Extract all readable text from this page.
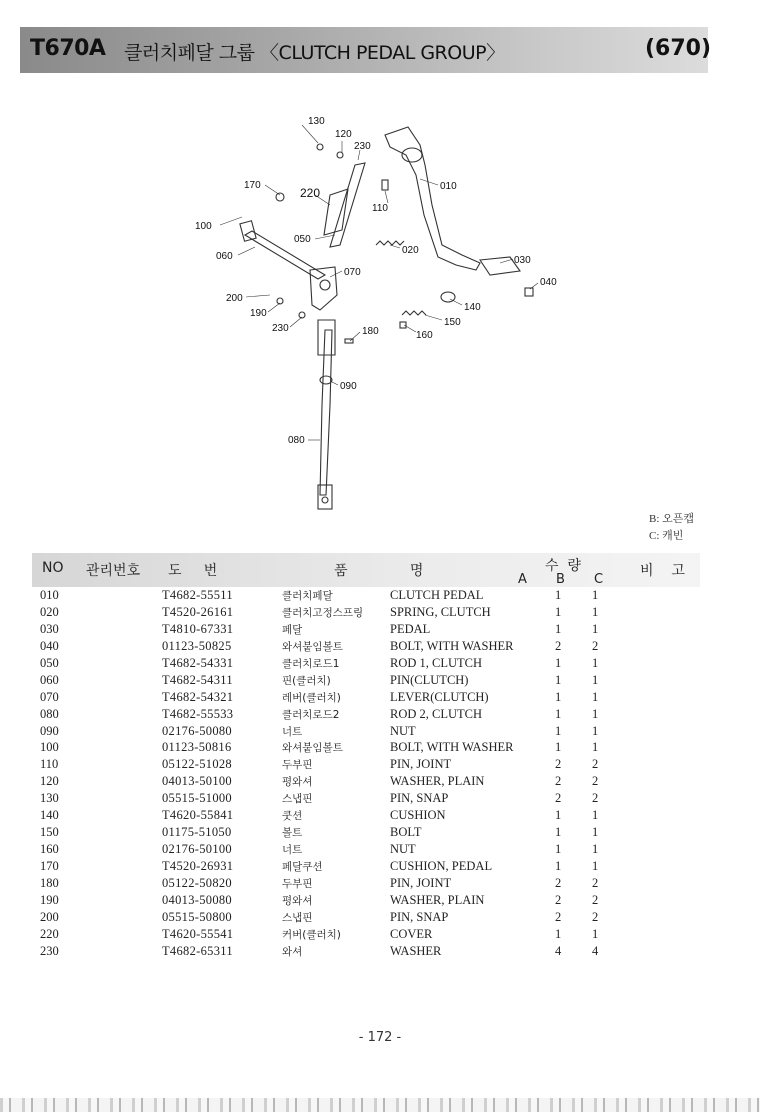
T670A 클러치페달 그룹 〈CLUTCH PEDAL GROUP〉	(670)
130
120
230
010
170
220
110
100
050
020
060
070
030
040
200
190
140
150
230	180	160
090
080
B: 오픈캡
C: 캐빈
NO 관리번호 도     번	품              명	수  량
A B C
비    고
010	T4682-55511	클러치페달	CLUTCH PEDAL	1 1
020	T4520-26161	클러치고정스프링 SPRING, CLUTCH	1 1
030	T4810-67331	페달	PEDAL	1 1
040	01123-50825	와셔붙임볼트	BOLT, WITH WASHER	2 2
050	T4682-54331	클러치로드1	ROD 1, CLUTCH	1 1
060	T4682-54311	핀(클러치)	PIN(CLUTCH)	1 1
070	T4682-54321	레버(클러치)	LEVER(CLUTCH)	1 1
080	T4682-55533	클러치로드2	ROD 2, CLUTCH	1 1
090	02176-50080	너트	NUT	1 1
100	01123-50816	와셔붙임볼트	BOLT, WITH WASHER	1 1
110	05122-51028	두부핀	PIN, JOINT	2 2
120	04013-50100	평와셔	WASHER, PLAIN	2 2
130	05515-51000	스냅핀	PIN, SNAP	2 2
140	T4620-55841	쿳션	CUSHION	1 1
150	01175-51050	볼트	BOLT	1 1
160	02176-50100	너트	NUT	1 1
170	T4520-26931	페달쿠션	CUSHION, PEDAL	1 1
180	05122-50820	두부핀	PIN, JOINT	2 2
190	04013-50080	평와셔	WASHER, PLAIN	2 2
200	05515-50800	스냅핀	PIN, SNAP	2 2
220	T4620-55541	커버(클러치)	COVER	1 1
230	T4682-65311	와셔	WASHER	4 4
- 172 -
